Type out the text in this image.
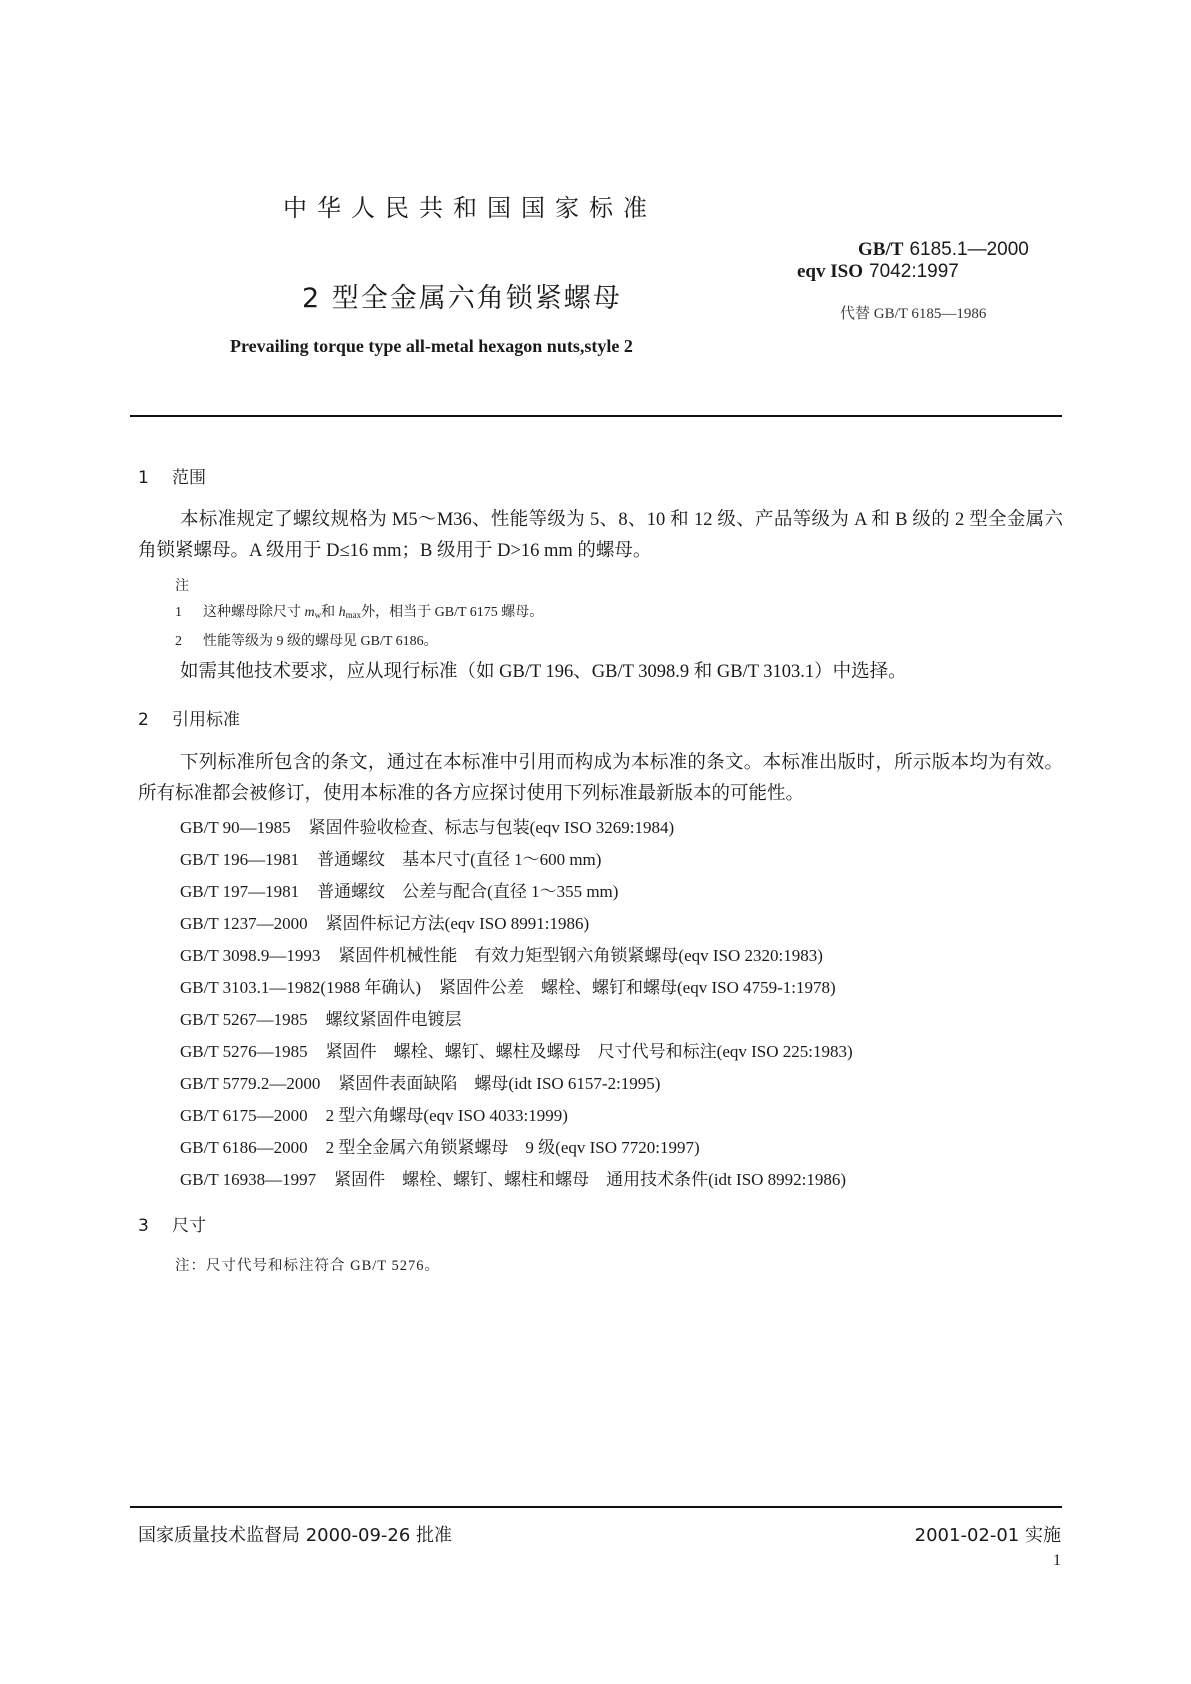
中华人民共和国国家标准
GB/T 6185.1—2000
eqv ISO 7042:1997
2 型全金属六角锁紧螺母	代替 GB/T 6185—1986
Prevailing torque type all-metal hexagon nuts,style 2
1 范围
本标准规定了螺纹规格为 M5～M36、性能等级为 5、8、10 和 12 级、产品等级为 A 和 B 级的 2 型全金属六角锁紧螺母。A 级用于 D≤16 mm；B 级用于 D>16 mm 的螺母。
注
1 这种螺母除尺寸 $m_w$和 $h_{max}$外，相当于 GB/T 6175 螺母。
2 性能等级为 9 级的螺母见 GB/T 6186。
如需其他技术要求，应从现行标准（如 GB/T 196、GB/T 3098.9 和 GB/T 3103.1）中选择。
2 引用标准
下列标准所包含的条文，通过在本标准中引用而构成为本标准的条文。本标准出版时，所示版本均为有效。所有标准都会被修订，使用本标准的各方应探讨使用下列标准最新版本的可能性。
GB/T 90—1985 紧固件验收检查、标志与包装(eqv ISO 3269:1984)
GB/T 196—1981 普通螺纹　基本尺寸(直径 1～600 mm)
GB/T 197—1981 普通螺纹　公差与配合(直径 1～355 mm)
GB/T 1237—2000 紧固件标记方法(eqv ISO 8991:1986)
GB/T 3098.9—1993 紧固件机械性能　有效力矩型钢六角锁紧螺母(eqv ISO 2320:1983)
GB/T 3103.1—1982(1988 年确认) 紧固件公差　螺栓、螺钉和螺母(eqv ISO 4759-1:1978)
GB/T 5267—1985 螺纹紧固件电镀层
GB/T 5276—1985 紧固件　螺栓、螺钉、螺柱及螺母　尺寸代号和标注(eqv ISO 225:1983)
GB/T 5779.2—2000 紧固件表面缺陷　螺母(idt ISO 6157-2:1995)
GB/T 6175—2000 2 型六角螺母(eqv ISO 4033:1999)
GB/T 6186—2000 2 型全金属六角锁紧螺母　9 级(eqv ISO 7720:1997)
GB/T 16938—1997 紧固件　螺栓、螺钉、螺柱和螺母　通用技术条件(idt ISO 8992:1986)
3 尺寸
注：尺寸代号和标注符合 GB/T 5276。
国家质量技术监督局 2000-09-26 批准	2001-02-01 实施
1
